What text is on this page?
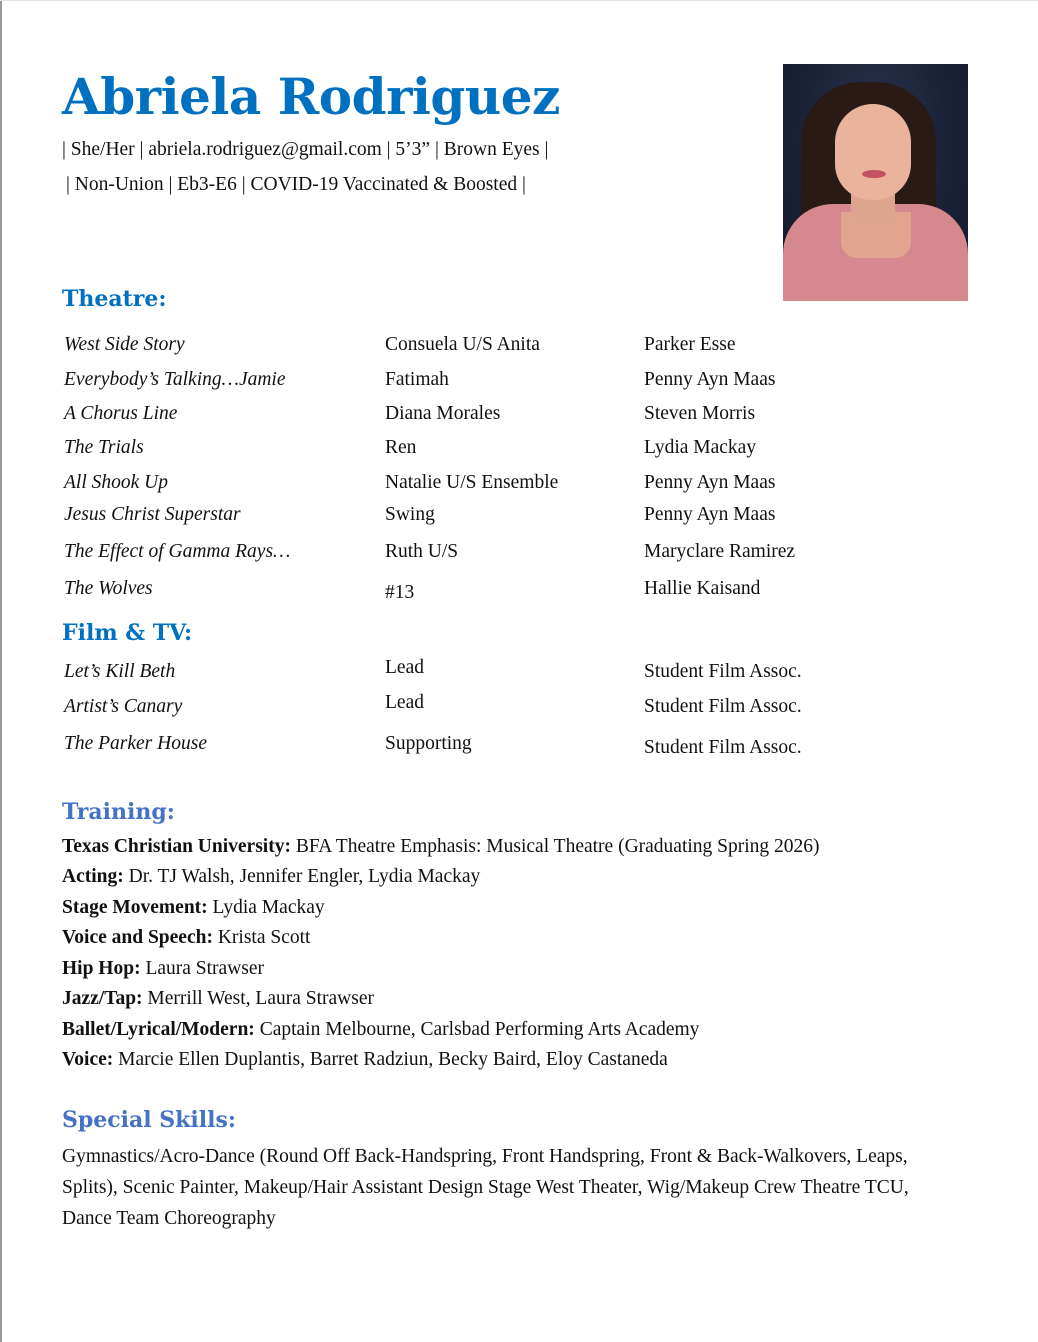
Abriela Rodriguez
| She/Her | abriela.rodriguez@gmail.com | 5’3” | Brown Eyes |
| Non-Union | Eb3-E6 | COVID-19 Vaccinated & Boosted |
Theatre:
West Side Story	Consuela U/S Anita	Parker Esse
Everybody’s Talking…Jamie	Fatimah	Penny Ayn Maas
A Chorus Line	Diana Morales	Steven Morris
The Trials	Ren	Lydia Mackay
All Shook Up	Natalie U/S Ensemble	Penny Ayn Maas
Jesus Christ Superstar	Swing	Penny Ayn Maas
The Effect of Gamma Rays…	Ruth U/S	Maryclare Ramirez
The Wolves	#13	Hallie Kaisand
Film & TV:
Let’s Kill Beth	Lead	Student Film Assoc.
Artist’s Canary	Lead	Student Film Assoc.
The Parker House	Supporting	Student Film Assoc.
Training:
Texas Christian University: BFA Theatre Emphasis: Musical Theatre (Graduating Spring 2026)
Acting: Dr. TJ Walsh, Jennifer Engler, Lydia Mackay
Stage Movement: Lydia Mackay
Voice and Speech: Krista Scott
Hip Hop: Laura Strawser
Jazz/Tap: Merrill West, Laura Strawser
Ballet/Lyrical/Modern: Captain Melbourne, Carlsbad Performing Arts Academy
Voice: Marcie Ellen Duplantis, Barret Radziun, Becky Baird, Eloy Castaneda
Special Skills:
Gymnastics/Acro-Dance (Round Off Back-Handspring, Front Handspring, Front & Back-Walkovers, Leaps, Splits), Scenic Painter, Makeup/Hair Assistant Design Stage West Theater, Wig/Makeup Crew Theatre TCU, Dance Team Choreography
